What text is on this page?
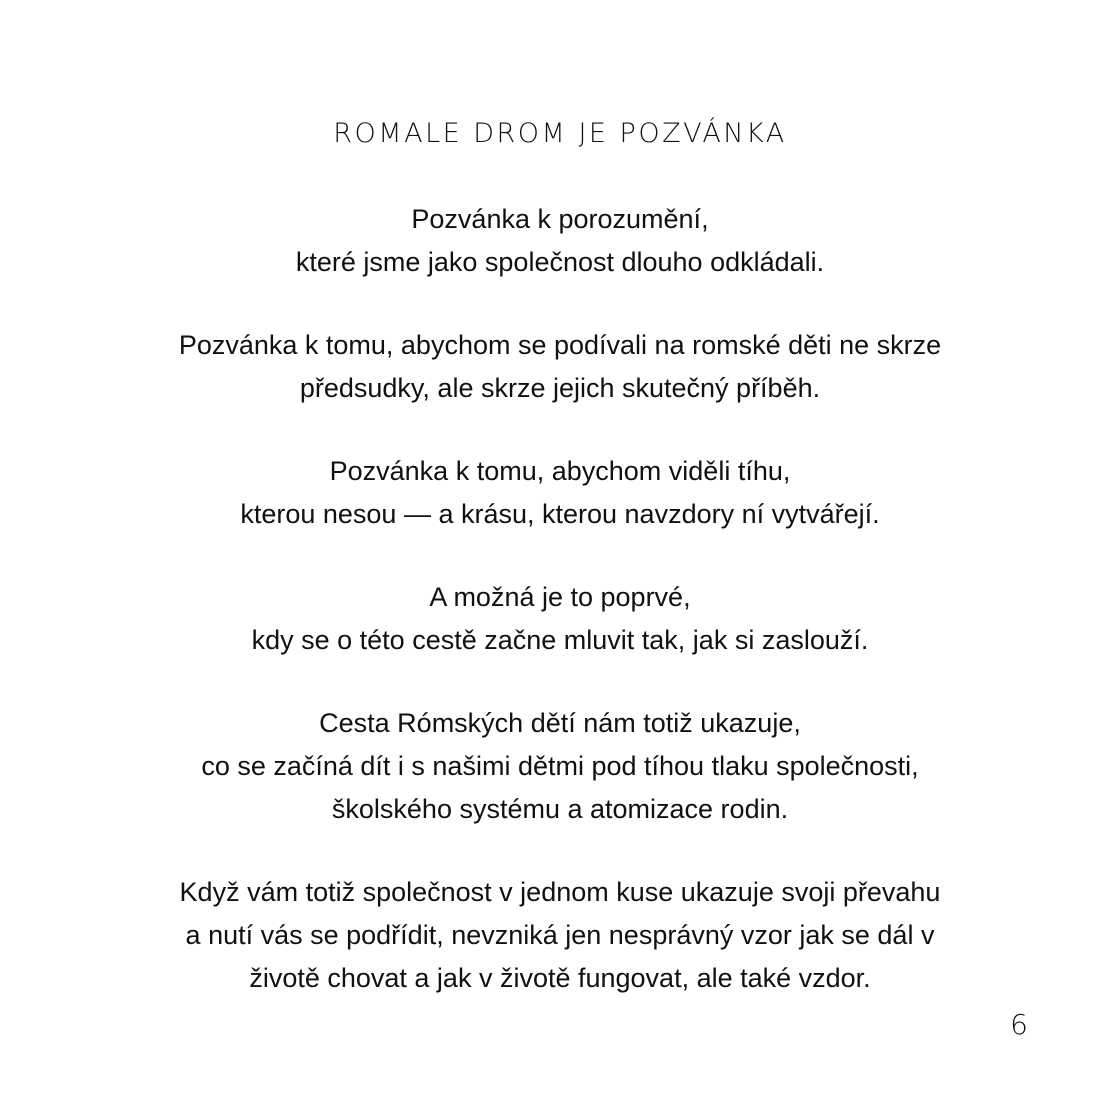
ROMALE DROM JE POZVÁNKA

Pozvánka k porozumění,
které jsme jako společnost dlouho odkládali.

Pozvánka k tomu, abychom se podívali na romské děti ne skrze
předsudky, ale skrze jejich skutečný příběh.

Pozvánka k tomu, abychom viděli tíhu,
kterou nesou — a krásu, kterou navzdory ní vytvářejí.

A možná je to poprvé,
kdy se o této cestě začne mluvit tak, jak si zaslouží.

Cesta Rómských dětí nám totiž ukazuje,
co se začíná dít i s našimi dětmi pod tíhou tlaku společnosti,
školského systému a atomizace rodin.

Když vám totiž společnost v jednom kuse ukazuje svoji převahu
a nutí vás se podřídit, nevzniká jen nesprávný vzor jak se dál v
životě chovat a jak v životě fungovat, ale také vzdor.

6
